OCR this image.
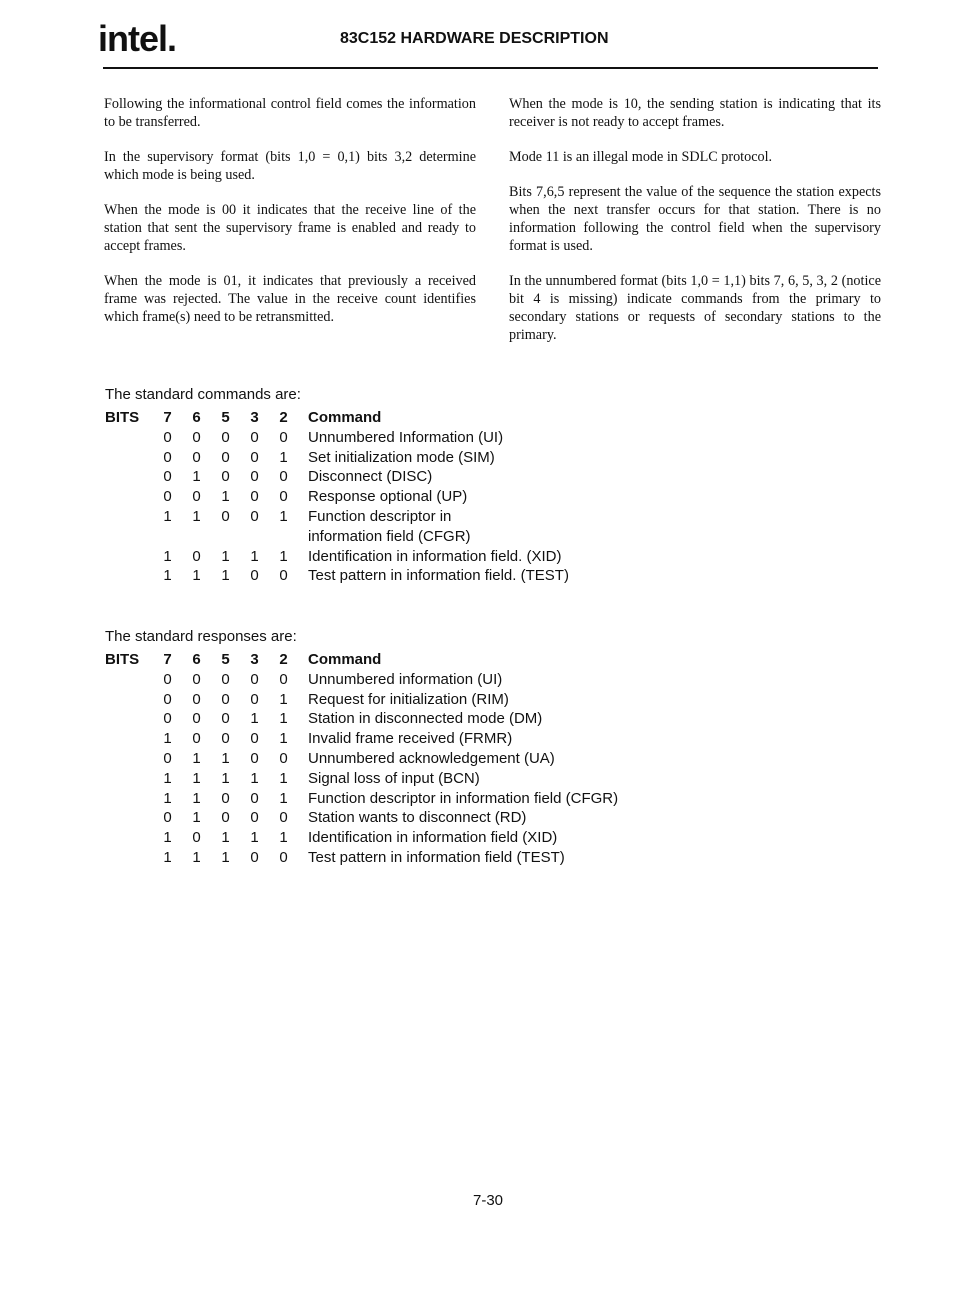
intel.	83C152 HARDWARE DESCRIPTION

Following the informational control field comes the information to be transferred.

In the supervisory format (bits 1,0 = 0,1) bits 3,2 determine which mode is being used.

When the mode is 00 it indicates that the receive line of the station that sent the supervisory frame is enabled and ready to accept frames.

When the mode is 01, it indicates that previously a received frame was rejected. The value in the receive count identifies which frame(s) need to be retransmitted.

When the mode is 10, the sending station is indicating that its receiver is not ready to accept frames.

Mode 11 is an illegal mode in SDLC protocol.

Bits 7,6,5 represent the value of the sequence the station expects when the next transfer occurs for that station. There is no information following the control field when the supervisory format is used.

In the unnumbered format (bits 1,0 = 1,1) bits 7, 6, 5, 3, 2 (notice bit 4 is missing) indicate commands from the primary to secondary stations or requests of secondary stations to the primary.

The standard commands are:
BITS	7	6	5	3	2	Command
	0	0	0	0	0	Unnumbered Information (UI)
	0	0	0	0	1	Set initialization mode (SIM)
	0	1	0	0	0	Disconnect (DISC)
	0	0	1	0	0	Response optional (UP)
	1	1	0	0	1	Function descriptor in
						information field (CFGR)
	1	0	1	1	1	Identification in information field. (XID)
	1	1	1	0	0	Test pattern in information field. (TEST)
The standard responses are:
BITS	7	6	5	3	2	Command
	0	0	0	0	0	Unnumbered information (UI)
	0	0	0	0	1	Request for initialization (RIM)
	0	0	0	1	1	Station in disconnected mode (DM)
	1	0	0	0	1	Invalid frame received (FRMR)
	0	1	1	0	0	Unnumbered acknowledgement (UA)
	1	1	1	1	1	Signal loss of input (BCN)
	1	1	0	0	1	Function descriptor in information field (CFGR)
	0	1	0	0	0	Station wants to disconnect (RD)
	1	0	1	1	1	Identification in information field (XID)
	1	1	1	0	0	Test pattern in information field (TEST)
7-30
